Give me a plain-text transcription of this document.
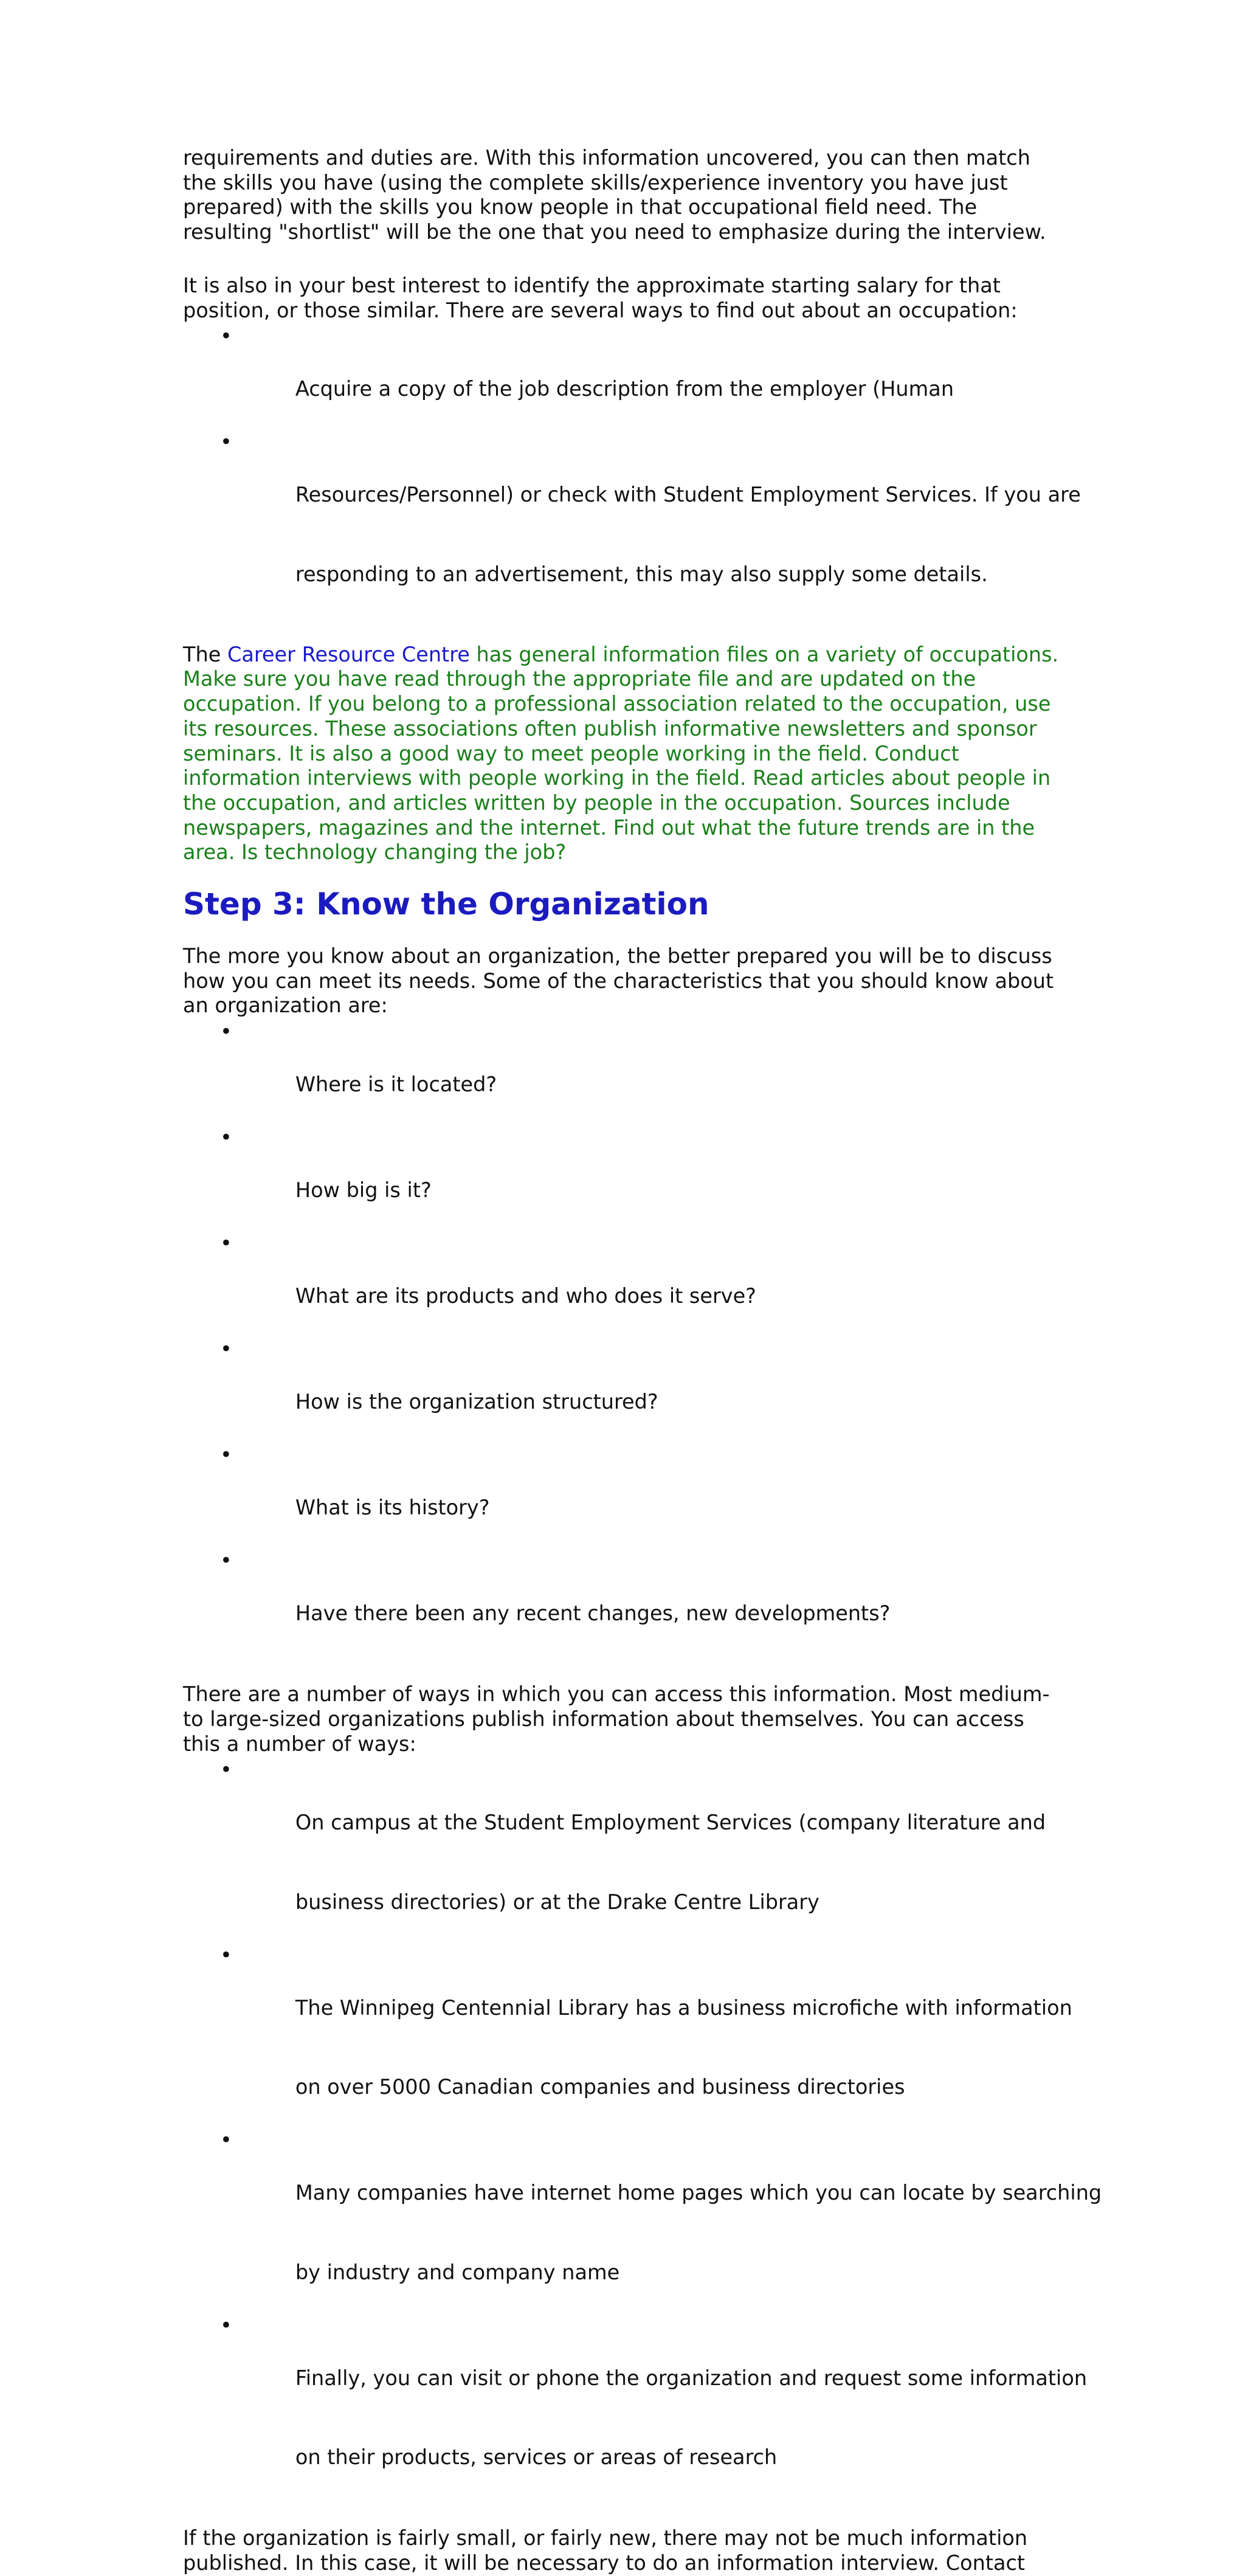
requirements and duties are. With this information uncovered, you can then match

the skills you have (using the complete skills/experience inventory you have just

prepared) with the skills you know people in that occupational field need. The

resulting "shortlist" will be the one that you need to emphasize during the interview.

It is also in your best interest to identify the approximate starting salary for that

position, or those similar. There are several ways to find out about an occupation:

•

Acquire a copy of the job description from the employer (Human

•

Resources/Personnel) or check with Student Employment Services. If you are

responding to an advertisement, this may also supply some details.

The Career Resource Centre has general information files on a variety of occupations.

Make sure you have read through the appropriate file and are updated on the

occupation. If you belong to a professional association related to the occupation, use

its resources. These associations often publish informative newsletters and sponsor

seminars. It is also a good way to meet people working in the field. Conduct

information interviews with people working in the field. Read articles about people in

the occupation, and articles written by people in the occupation. Sources include

newspapers, magazines and the internet. Find out what the future trends are in the

area. Is technology changing the job?

Step 3: Know the Organization

The more you know about an organization, the better prepared you will be to discuss

how you can meet its needs. Some of the characteristics that you should know about

an organization are:

•

Where is it located?

•

How big is it?

•

What are its products and who does it serve?

•

How is the organization structured?

•

What is its history?

•

Have there been any recent changes, new developments?

There are a number of ways in which you can access this information. Most medium-

to large-sized organizations publish information about themselves. You can access

this a number of ways:

•

On campus at the Student Employment Services (company literature and

business directories) or at the Drake Centre Library

•

The Winnipeg Centennial Library has a business microfiche with information

on over 5000 Canadian companies and business directories

•

Many companies have internet home pages which you can locate by searching

by industry and company name

•

Finally, you can visit or phone the organization and request some information

on their products, services or areas of research

If the organization is fairly small, or fairly new, there may not be much information

published. In this case, it will be necessary to do an information interview. Contact
